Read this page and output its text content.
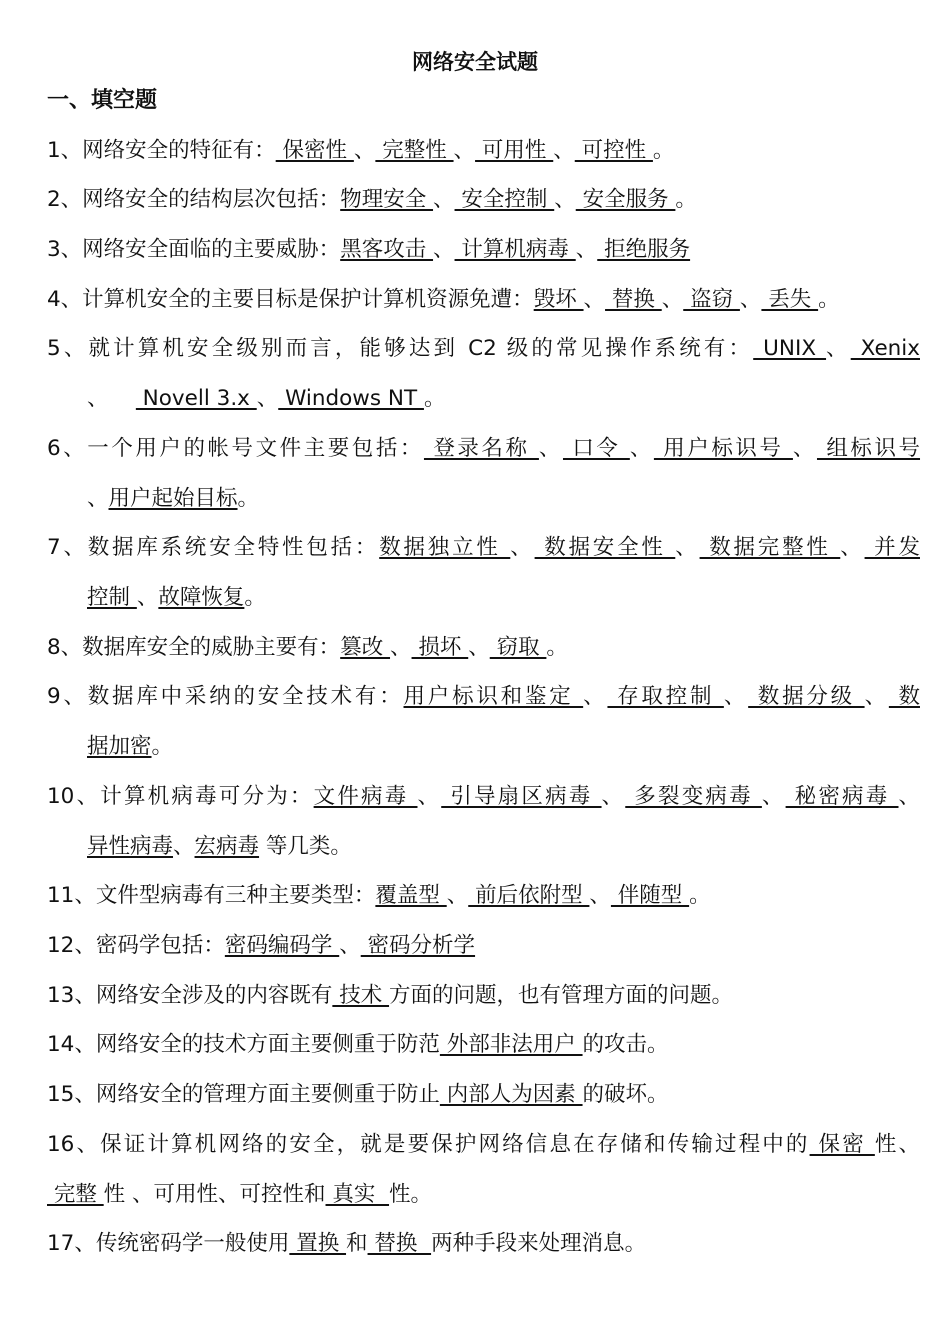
网络安全试题
一、填空题
1、网络安全的特征有： 保密性 、 完整性 、 可用性 、 可控性 。
2、网络安全的结构层次包括：物理安全 、 安全控制 、 安全服务 。
3、网络安全面临的主要威胁：黑客攻击 、 计算机病毒 、 拒绝服务
4、计算机安全的主要目标是保护计算机资源免遭：毁坏 、 替换 、 盗窃 、 丢失 。
5、就计算机安全级别而言，能够达到 C2 级的常见操作系统有： UNIX 、 Xenix
、     Novell 3.x 、 Windows NT 。
6、一个用户的帐号文件主要包括： 登录名称 、 口令 、 用户标识号 、 组标识号
、用户起始目标。
7、数据库系统安全特性包括：数据独立性 、 数据安全性 、 数据完整性 、 并发
控制 、故障恢复。
8、数据库安全的威胁主要有：篡改 、 损坏 、 窃取 。
9、数据库中采纳的安全技术有：用户标识和鉴定 、 存取控制 、 数据分级 、 数
据加密。
10、计算机病毒可分为：文件病毒 、 引导扇区病毒 、 多裂变病毒 、 秘密病毒 、
异性病毒、宏病毒 等几类。
11、文件型病毒有三种主要类型：覆盖型 、 前后依附型 、 伴随型 。
12、密码学包括：密码编码学 、 密码分析学
13、网络安全涉及的内容既有 技术 方面的问题，也有管理方面的问题。
14、网络安全的技术方面主要侧重于防范 外部非法用户 的攻击。
15、网络安全的管理方面主要侧重于防止 内部人为因素 的破坏。
16、保证计算机网络的安全，就是要保护网络信息在存储和传输过程中的 保密 性、
完整 性 、可用性、可控性和 真实  性。
17、传统密码学一般使用 置换 和 替换  两种手段来处理消息。
